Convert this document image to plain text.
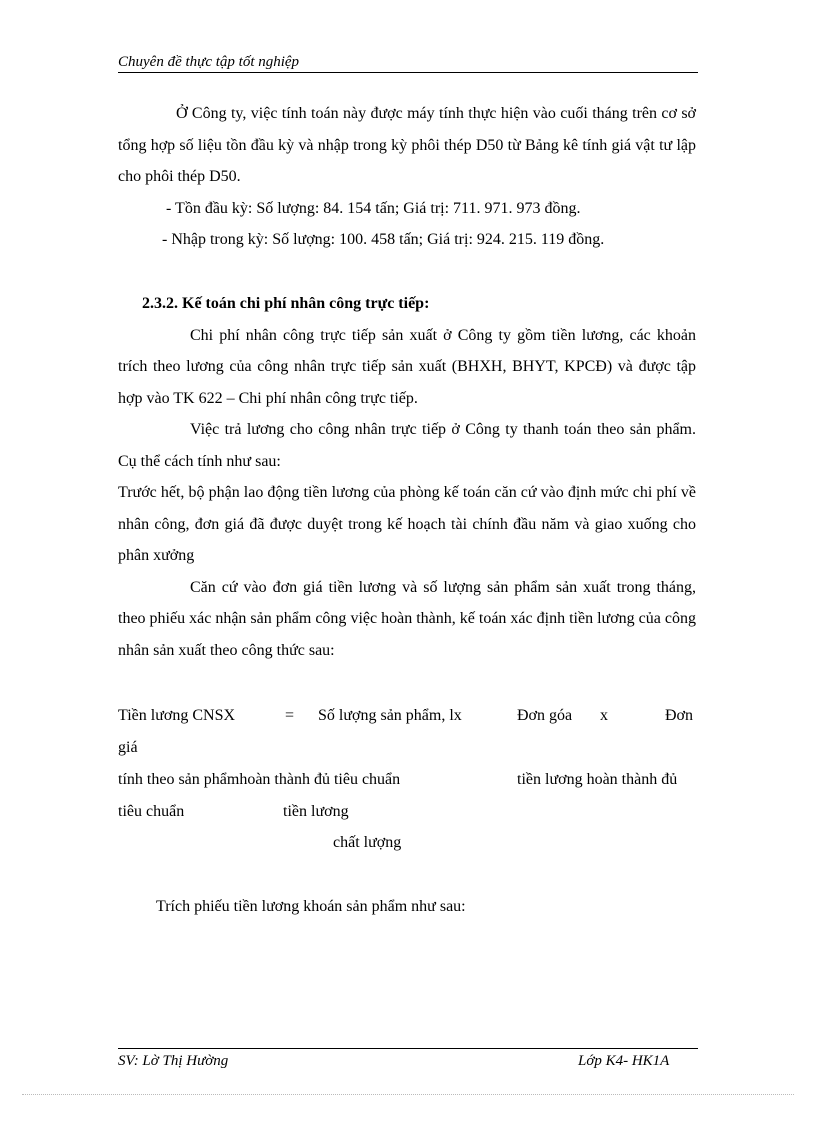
Chuyên đề thực tập tốt nghiệp

Ở Công ty, việc tính toán này được máy tính thực hiện vào cuối tháng trên cơ sở tổng hợp số liệu tồn đầu kỳ và nhập trong kỳ phôi thép D50 từ Bảng kê tính giá vật tư lập cho phôi thép D50.

- Tồn đầu kỳ: Số lượng: 84. 154 tấn; Giá trị: 711. 971. 973 đồng.

- Nhập trong kỳ: Số lượng: 100. 458 tấn; Giá trị: 924. 215. 119 đồng.

2.3.2. Kế toán chi phí nhân công trực tiếp:

Chi phí nhân công trực tiếp sản xuất ở Công ty gồm tiền lương, các khoản trích theo lương của công nhân trực tiếp sản xuất (BHXH, BHYT, KPCĐ) và được tập hợp vào TK 622 – Chi phí nhân công trực tiếp.

Việc trả lương cho công nhân trực tiếp ở Công ty thanh toán theo sản phẩm. Cụ thể cách tính như sau:

Trước hết, bộ phận lao động tiền lương của phòng kế toán căn cứ vào định mức chi phí về nhân công, đơn giá đã được duyệt trong kế hoạch tài chính đầu năm và giao xuống cho phân xưởng

Căn cứ vào đơn giá tiền lương và số lượng sản phẩm sản xuất trong tháng, theo phiếu xác nhận sản phẩm công việc hoàn thành, kế toán xác định tiền lương của công nhân sản xuất theo công thức sau:

Tiền lương CNSX	= Số lượng sản phẩm, lx	Đơn góa x	Đơn
giá
tính theo sản phẩmhoàn thành đủ tiêu chuẩn	tiền lương hoàn thành đủ
tiêu chuẩn	tiền lương
chất lượng
Trích phiếu tiền lương khoán sản phẩm như sau:
SV: Lờ Thị Hường	Lớp K4- HK1A
